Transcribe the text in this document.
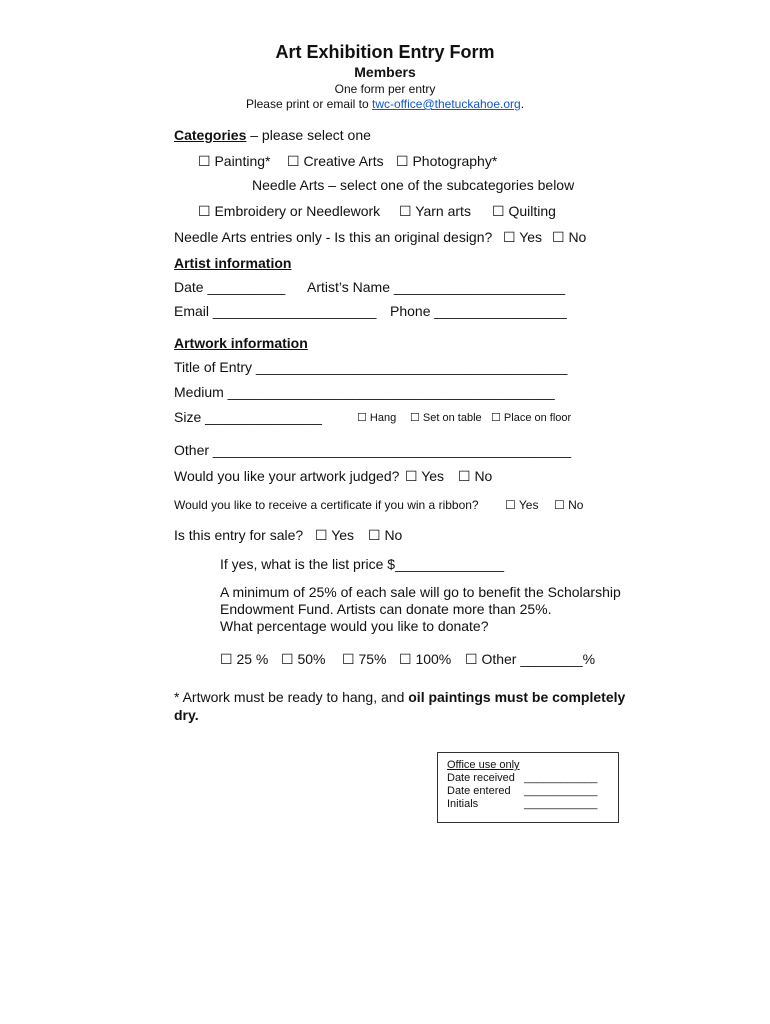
Art Exhibition Entry Form
Members
One form per entry
Please print or email to twc-office@thetuckahoe.org.
Categories – please select one
☐ Painting* ☐ Creative Arts ☐ Photography*
Needle Arts – select one of the subcategories below
☐ Embroidery or Needlework ☐ Yarn arts ☐ Quilting
Needle Arts entries only - Is this an original design? ☐ Yes ☐ No
Artist information
Date __________ Artist’s Name ______________________
Email _____________________ Phone _________________
Artwork information
Title of Entry ________________________________________
Medium __________________________________________
Size _______________	☐ Hang ☐ Set on table ☐ Place on floor
Other ______________________________________________
Would you like your artwork judged? ☐ Yes ☐ No
Would you like to receive a certificate if you win a ribbon? ☐ Yes ☐ No
Is this entry for sale? ☐ Yes ☐ No
If yes, what is the list price $______________
A minimum of 25% of each sale will go to benefit the Scholarship
Endowment Fund. Artists can donate more than 25%.
What percentage would you like to donate?
☐ 25 % ☐ 50% ☐ 75% ☐ 100% ☐ Other ________%
* Artwork must be ready to hang, and oil paintings must be completely
dry.
Office use only
Date received ____________
Date entered ____________
Initials	____________
